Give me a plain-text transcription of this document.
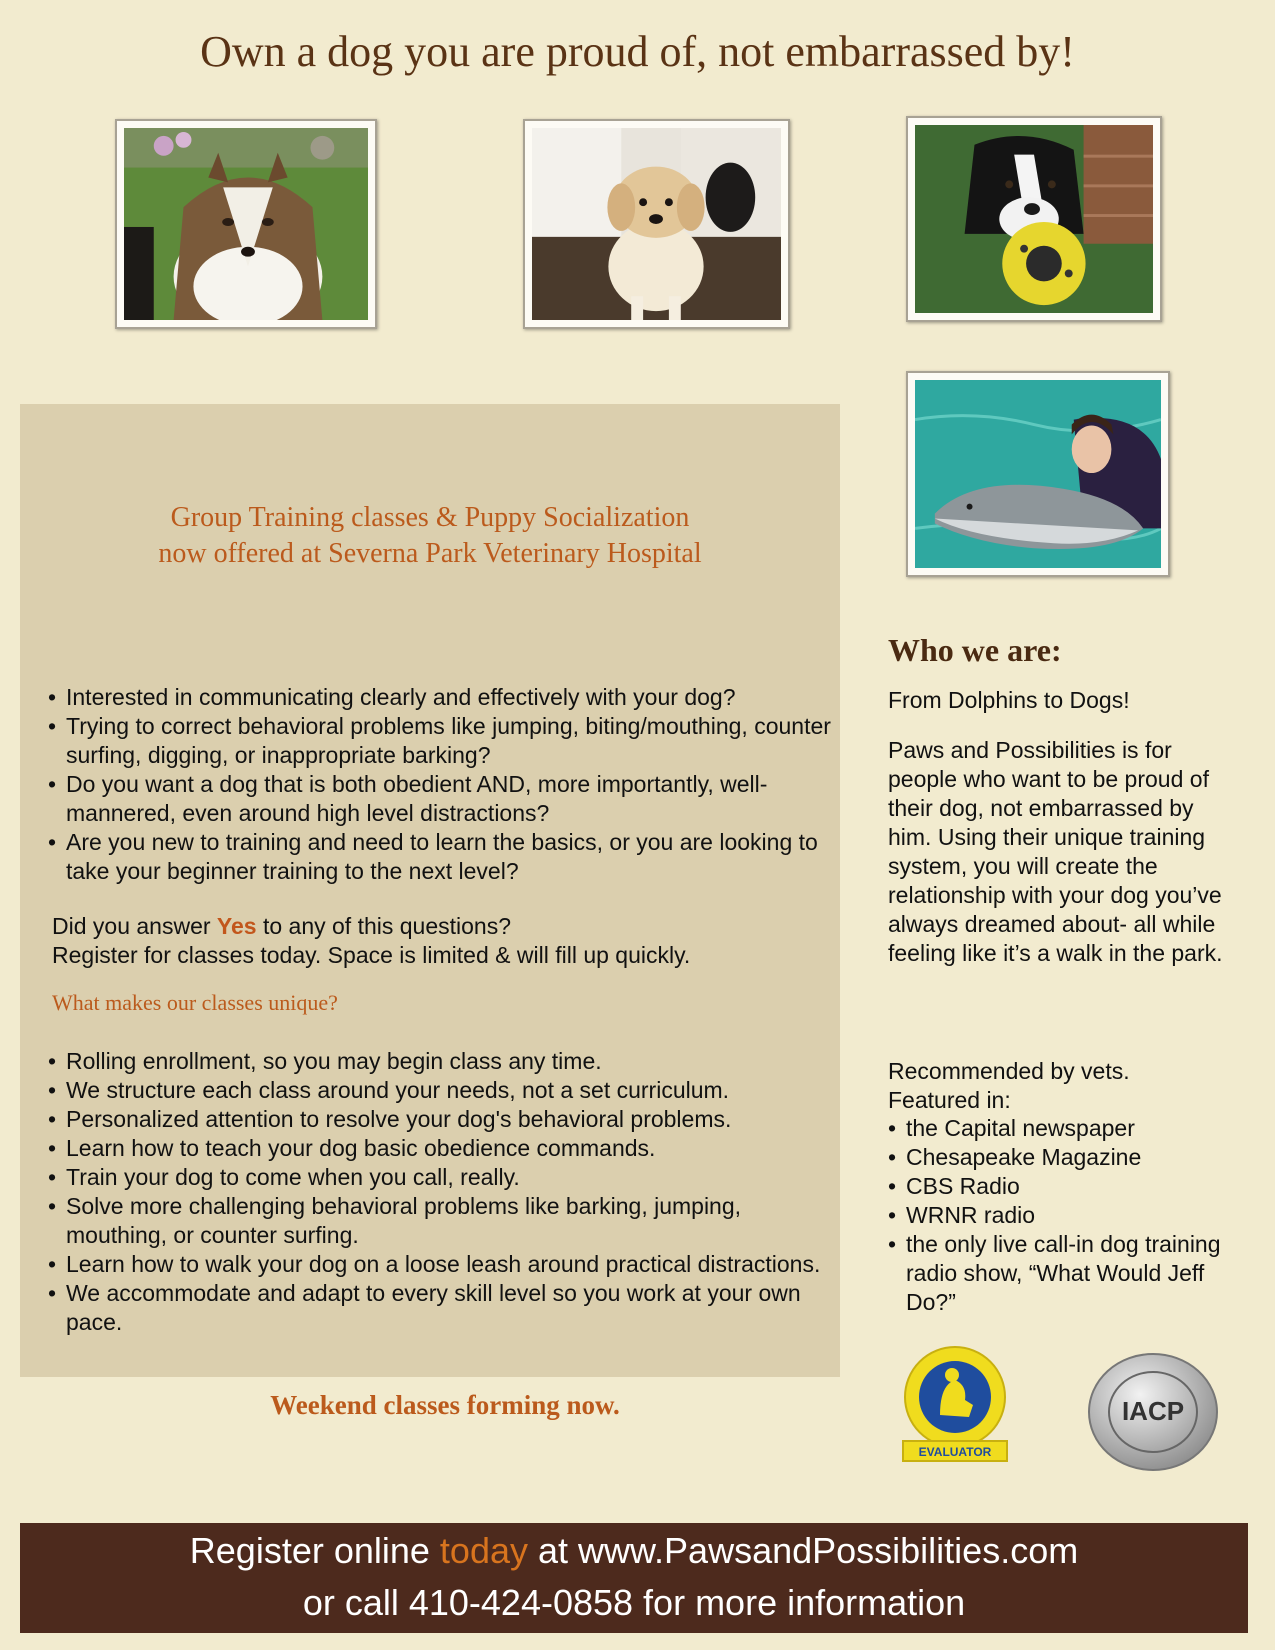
Own a dog you are proud of, not embarrassed by!
Group Training classes & Puppy Socialization
now offered at Severna Park Veterinary Hospital
• Interested in communicating clearly and effectively with your dog?
• Trying to correct behavioral problems like jumping, biting/mouthing, counter surfing, digging, or inappropriate barking?
• Do you want a dog that is both obedient AND, more importantly, well-mannered, even around high level distractions?
• Are you new to training and need to learn the basics, or you are looking to take your beginner training to the next level?
Did you answer Yes to any of this questions?
Register for classes today. Space is limited & will fill up quickly.
What makes our classes unique?
• Rolling enrollment, so you may begin class any time.
• We structure each class around your needs, not a set curriculum.
• Personalized attention to resolve your dog's behavioral problems.
• Learn how to teach your dog basic obedience commands.
• Train your dog to come when you call, really.
• Solve more challenging behavioral problems like barking, jumping, mouthing, or counter surfing.
• Learn how to walk your dog on a loose leash around practical distractions.
• We accommodate and adapt to every skill level so you work at your own pace.
Weekend classes forming now.
Who we are:

From Dolphins to Dogs!

Paws and Possibilities is for people who want to be proud of their dog, not embarrassed by him. Using their unique training system, you will create the relationship with your dog you’ve always dreamed about- all while feeling like it’s a walk in the park.

Recommended by vets.

Featured in:

• the Capital newspaper
• Chesapeake Magazine
• CBS Radio
• WRNR radio
• the only live call-in dog training radio show, “What Would Jeff Do?”
EVALUATOR
IACP
Register online today at www.PawsandPossibilities.com
or call 410-424-0858 for more information
